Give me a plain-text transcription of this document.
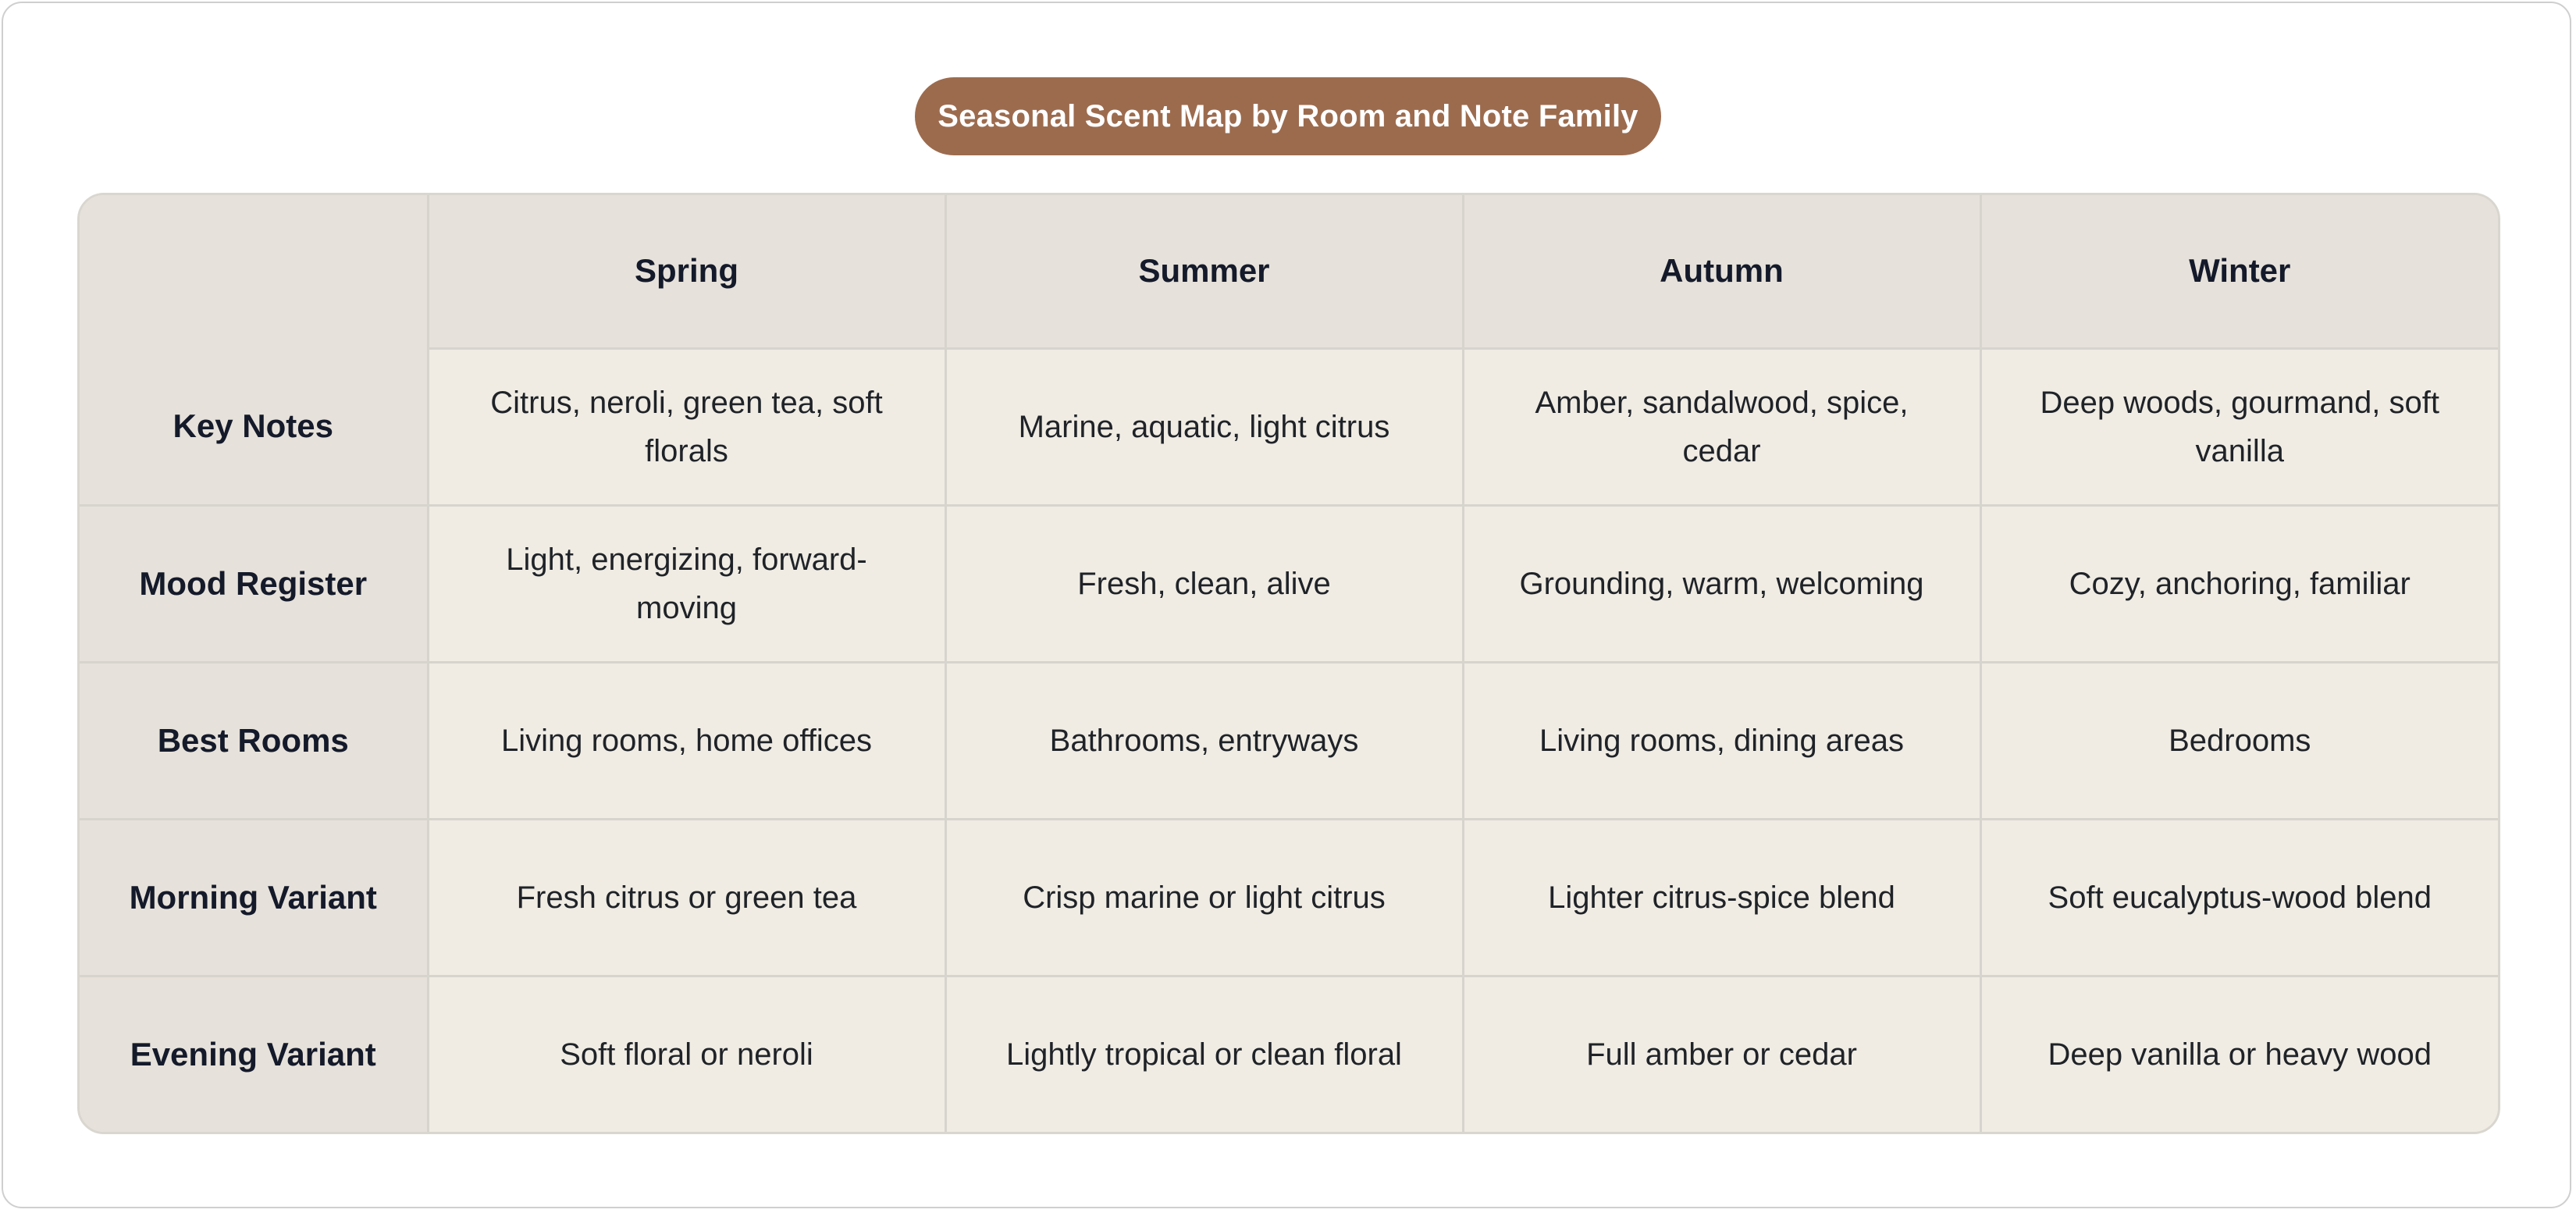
Seasonal Scent Map by Room and Note Family
	Spring	Summer	Autumn	Winter
Key Notes	Citrus, neroli, green tea, soft florals	Marine, aquatic, light citrus	Amber, sandalwood, spice, cedar	Deep woods, gourmand, soft vanilla
Mood Register	Light, energizing, forward-moving	Fresh, clean, alive	Grounding, warm, welcoming	Cozy, anchoring, familiar
Best Rooms	Living rooms, home offices	Bathrooms, entryways	Living rooms, dining areas	Bedrooms
Morning Variant	Fresh citrus or green tea	Crisp marine or light citrus	Lighter citrus-spice blend	Soft eucalyptus-wood blend
Evening Variant	Soft floral or neroli	Lightly tropical or clean floral	Full amber or cedar	Deep vanilla or heavy wood
